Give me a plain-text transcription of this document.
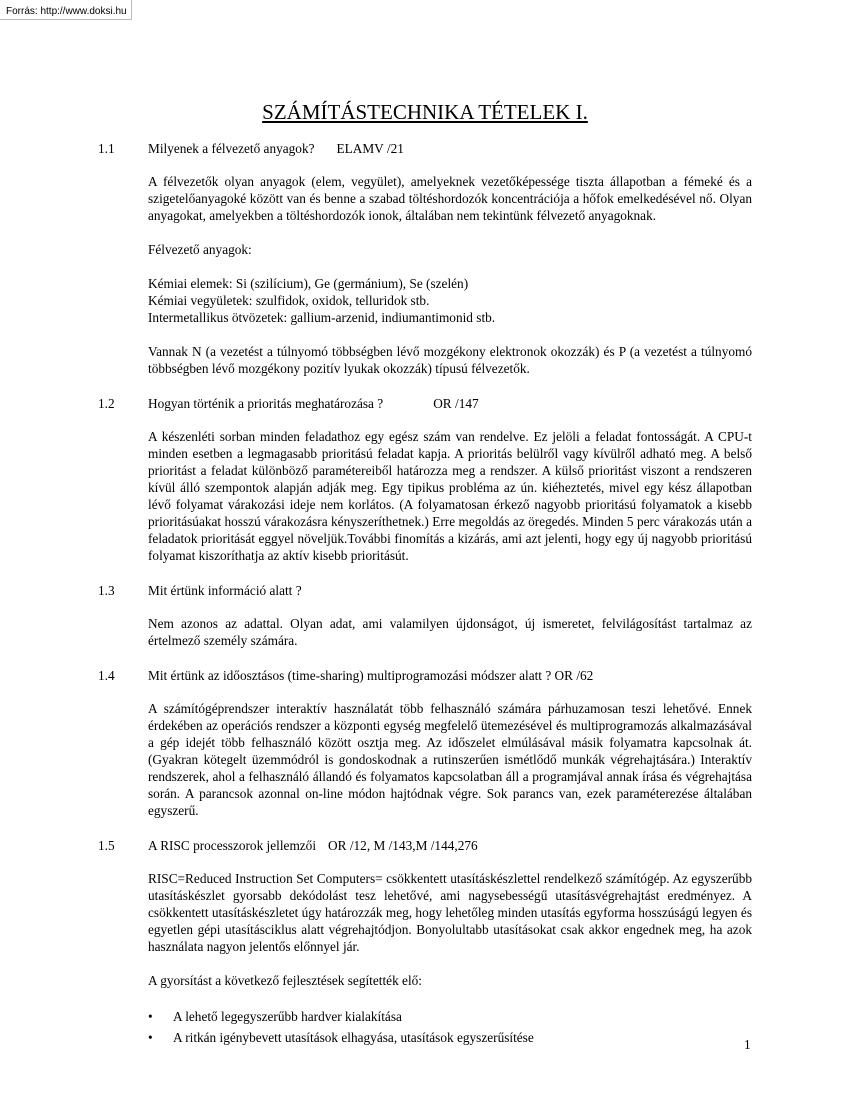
Forrás: http://www.doksi.hu
SZÁMÍTÁSTECHNIKA TÉTELEK I.
1.1	Milyenek a félvezető anyagok? ELAMV /21

A félvezetők olyan anyagok (elem, vegyület), amelyeknek vezetőképessége tiszta állapotban a fémeké és a szigetelőanyagoké között van és benne a szabad töltéshordozók koncentrációja a hőfok emelkedésével nő. Olyan anyagokat, amelyekben a töltéshordozók ionok, általában nem tekintünk félvezető anyagoknak.

Félvezető anyagok:

Kémiai elemek: Si (szilícium), Ge (germánium), Se (szelén)
Kémiai vegyületek: szulfidok, oxidok, telluridok stb.
Intermetallikus ötvözetek: gallium-arzenid, indiumantimonid stb.

Vannak N (a vezetést a túlnyomó többségben lévő mozgékony elektronok okozzák) és P (a vezetést a túlnyomó többségben lévő mozgékony pozitív lyukak okozzák) típusú félvezetők.

1.2	Hogyan történik a prioritás meghatározása ?	OR /147

A készenléti sorban minden feladathoz egy egész szám van rendelve. Ez jelöli a feladat fontosságát. A CPU-t minden esetben a legmagasabb prioritású feladat kapja. A prioritás belülről vagy kívülről adható meg. A belső prioritást a feladat különböző paramétereiből határozza meg a rendszer. A külső prioritást viszont a rendszeren kívül álló szempontok alapján adják meg. Egy tipikus probléma az ún. kiéheztetés, mivel egy kész állapotban lévő folyamat várakozási ideje nem korlátos. (A folyamatosan érkező nagyobb prioritású folyamatok a kisebb prioritásúakat hosszú várakozásra kényszeríthetnek.) Erre megoldás az öregedés. Minden 5 perc várakozás után a feladatok prioritását eggyel növeljük.További finomítás a kizárás, ami azt jelenti, hogy egy új nagyobb prioritású folyamat kiszoríthatja az aktív kisebb prioritásút.

1.3	Mit értünk információ alatt ?

Nem azonos az adattal. Olyan adat, ami valamilyen újdonságot, új ismeretet, felvilágosítást tartalmaz az értelmező személy számára.

1.4	Mit értünk az időosztásos (time-sharing) multiprogramozási módszer alatt ? OR /62

A számítógéprendszer interaktív használatát több felhasználó számára párhuzamosan teszi lehetővé. Ennek érdekében az operációs rendszer a központi egység megfelelő ütemezésével és multiprogramozás alkalmazásával a gép idejét több felhasználó között osztja meg. Az időszelet elmúlásával másik folyamatra kapcsolnak át. (Gyakran kötegelt üzemmódról is gondoskodnak a rutinszerűen ismétlődő munkák végrehajtására.) Interaktív rendszerek, ahol a felhasználó állandó és folyamatos kapcsolatban áll a programjával annak írása és végrehajtása során. A parancsok azonnal on-line módon hajtódnak végre. Sok parancs van, ezek paraméterezése általában egyszerű.

1.5	A RISC processzorok jellemzői OR /12, M /143,M /144,276

RISC=Reduced Instruction Set Computers= csökkentett utasításkészlettel rendelkező számítógép. Az egyszerűbb utasításkészlet gyorsabb dekódolást tesz lehetővé, ami nagysebességű utasításvégrehajtást eredményez. A csökkentett utasításkészletet úgy határozzák meg, hogy lehetőleg minden utasítás egyforma hosszúságú legyen és egyetlen gépi utasításciklus alatt végrehajtódjon. Bonyolultabb utasításokat csak akkor engednek meg, ha azok használata nagyon jelentős előnnyel jár.

A gyorsítást a következő fejlesztések segítették elő:

• A lehető legegyszerűbb hardver kialakítása
• A ritkán igénybevett utasítások elhagyása, utasítások egyszerűsítése	1
